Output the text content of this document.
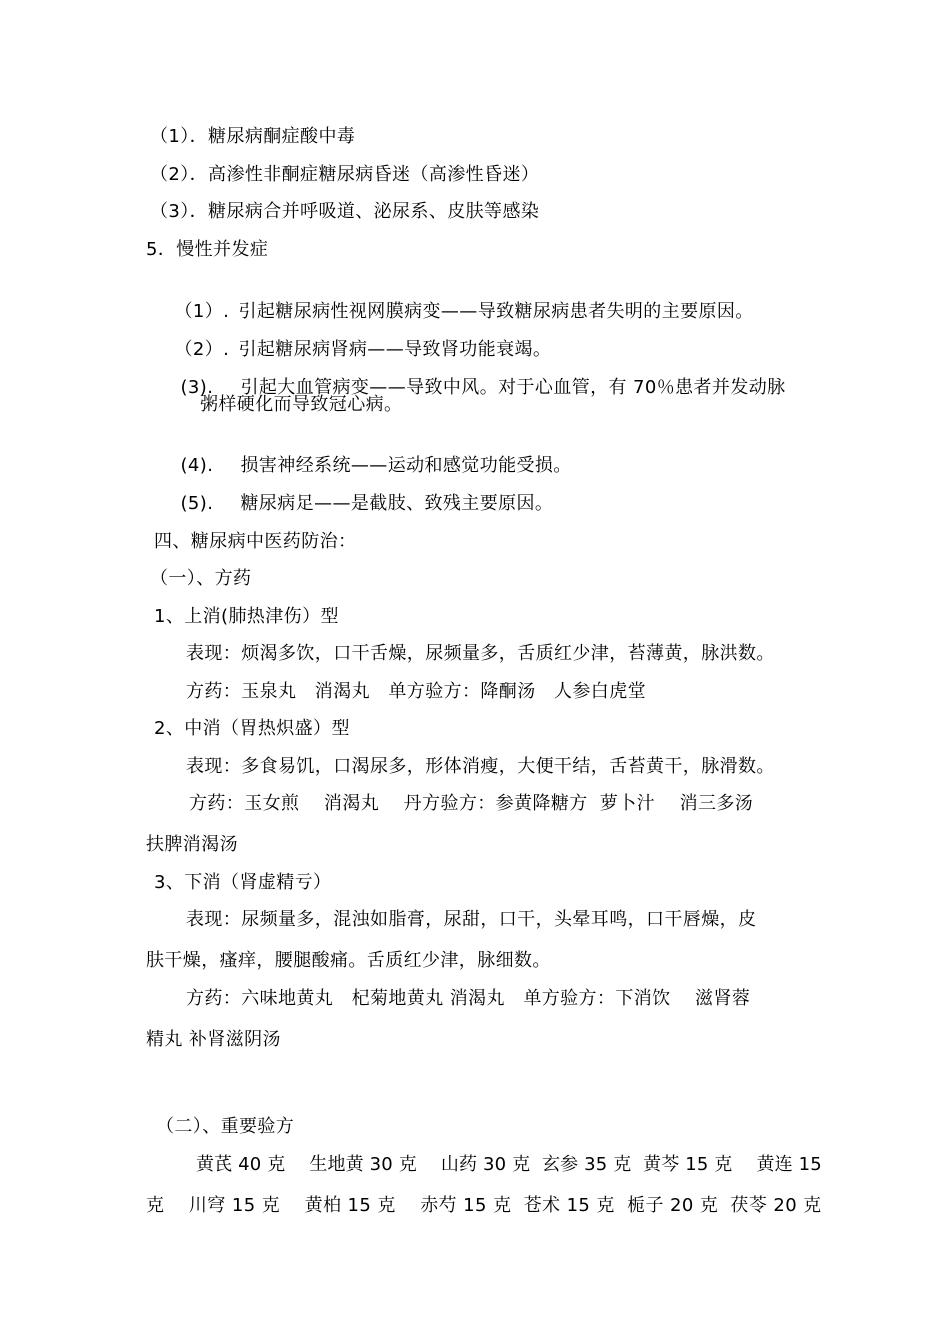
（1）．糖尿病酮症酸中毒
（2）．高渗性非酮症糖尿病昏迷（高渗性昏迷）
（3）．糖尿病合并呼吸道、泌尿系、皮肤等感染
5．慢性并发症

（1）. 引起糖尿病性视网膜病变——导致糖尿病患者失明的主要原因。

（2）. 引起糖尿病肾病——导致肾功能衰竭。

(3). 引起大血管病变——导致中风。对于心血管，有 70％患者并发动脉

粥样硬化而导致冠心病。

(4). 损害神经系统——运动和感觉功能受损。

(5). 糖尿病足——是截肢、致残主要原因。

四、糖尿病中医药防治：
（一）、方药
1、上消(肺热津伤）型
表现：烦渴多饮，口干舌燥，尿频量多，舌质红少津，苔薄黄，脉洪数。
方药：玉泉丸　消渴丸　单方验方：降酮汤　人参白虎堂
2、中消（胃热炽盛）型
表现：多食易饥，口渴尿多，形体消瘦，大便干结，舌苔黄干，脉滑数。
方药：玉女煎　 消渴丸　 丹方验方：参黄降糖方  萝卜汁　 消三多汤
扶脾消渴汤
3、下消（肾虚精亏）
表现：尿频量多，混浊如脂膏，尿甜，口干，头晕耳鸣，口干唇燥，皮
肤干燥，瘙痒，腰腿酸痛。舌质红少津，脉细数。
方药：六味地黄丸　杞菊地黄丸 消渴丸　单方验方：下消饮　 滋肾蓉
精丸 补肾滋阴汤
（二）、重要验方
黄芪 40 克　 生地黄 30 克　 山药 30 克  玄参 35 克  黄芩 15 克　 黄连 15
克　 川穹 15 克　 黄柏 15 克　 赤芍 15 克  苍术 15 克  栀子 20 克  茯苓 20 克
